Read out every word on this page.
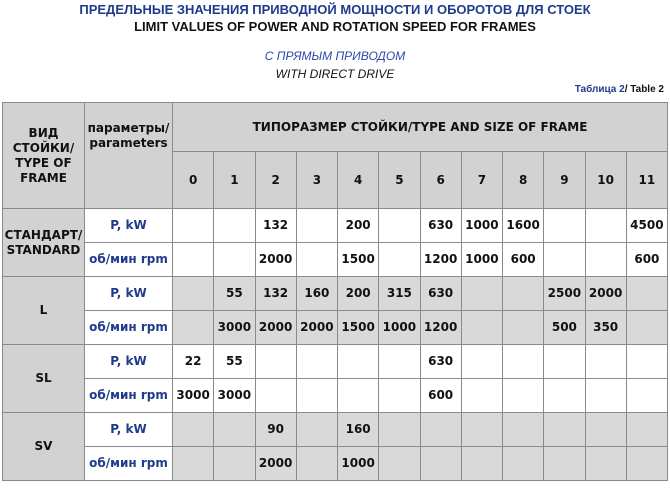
ПРЕДЕЛЬНЫЕ ЗНАЧЕНИЯ ПРИВОДНОЙ МОЩНОСТИ И ОБОРОТОВ ДЛЯ СТОЕК
LIMIT VALUES OF POWER AND ROTATION SPEED FOR FRAMES
С ПРЯМЫМ ПРИВОДОМ
WITH DIRECT DRIVE
Таблица 2/ Table 2
ВИД СТОЙКИ/ TYPE OF FRAME	параметры/ parameters	ТИПОРАЗМЕР СТОЙКИ/TYPE AND SIZE OF FRAME											
		0	1	2	3	4	5	6	7	8	9	10	11
СТАНДАРТ/ STANDARD	P, kW			132		200		630	1000	1600			4500
	об/мин rpm			2000		1500		1200	1000	600			600
L	P, kW		55	132	160	200	315	630			2500	2000	
	об/мин rpm		3000	2000	2000	1500	1000	1200			500	350	
SL	P, kW	22	55					630					
	об/мин rpm	3000	3000					600					
SV	P, kW			90		160							
	об/мин rpm			2000		1000							
